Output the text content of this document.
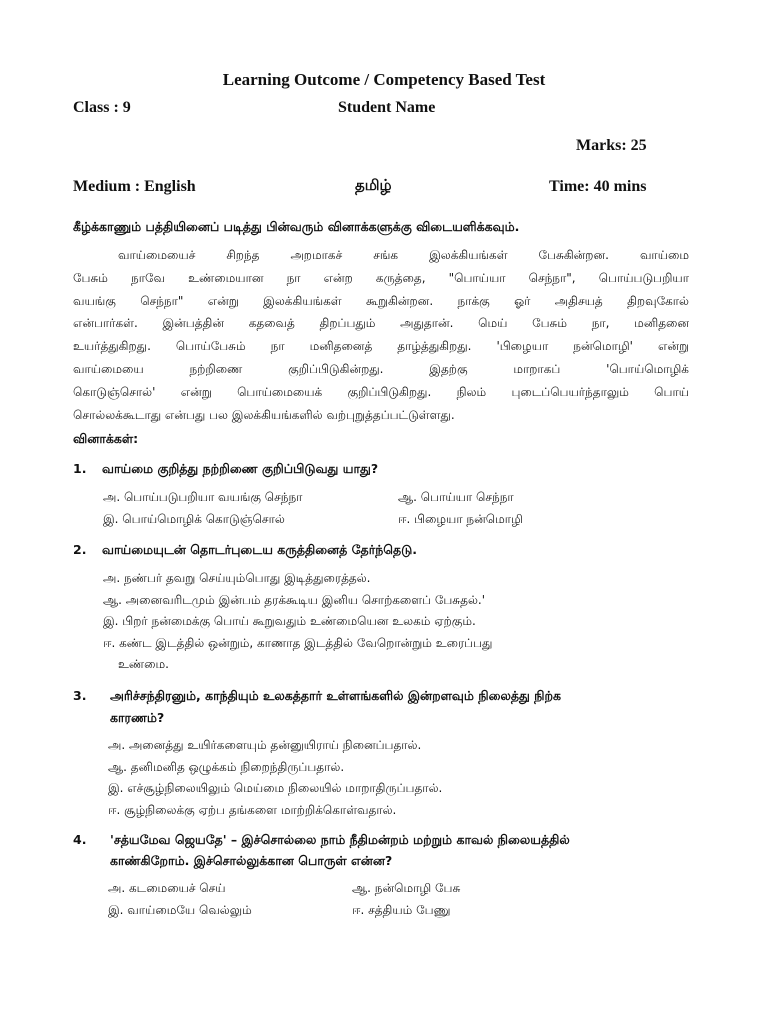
Learning Outcome / Competency Based Test
Class : 9	Student Name
Marks: 25
Medium : English	தமிழ்	Time: 40 mins
கீழ்க்காணும் பத்தியினைப் படித்து பின்வரும் வினாக்களுக்கு விடையளிக்கவும்.
வாய்மையைச் சிறந்த அறமாகச் சங்க இலக்கியங்கள் பேசுகின்றன. வாய்மை
பேசும் நாவே உண்மையான நா என்ற கருத்தை, "பொய்யா செந்நா", பொய்படுபறியா
வயங்கு செந்நா" என்று இலக்கியங்கள் கூறுகின்றன. நாக்கு ஓர் அதிசயத் திறவுகோல்
என்பார்கள். இன்பத்தின் கதவைத் திறப்பதும் அதுதான். மெய் பேசும் நா, மனிதனை
உயர்த்துகிறது. பொய்பேசும் நா மனிதனைத் தாழ்த்துகிறது. 'பிழையா நன்மொழி' என்று
வாய்மையை நற்றிணை குறிப்பிடுகின்றது. இதற்கு மாறாகப் 'பொய்மொழிக்
கொடுஞ்சொல்' என்று பொய்மையைக் குறிப்பிடுகிறது. நிலம் புடைப்பெயர்ந்தாலும் பொய்
சொல்லக்கூடாது என்பது பல இலக்கியங்களில் வற்புறுத்தப்பட்டுள்ளது.
வினாக்கள்:
1. வாய்மை குறித்து நற்றிணை குறிப்பிடுவது யாது?
அ. பொய்படுபறியா வயங்கு செந்நா	ஆ. பொய்யா செந்நா
இ. பொய்மொழிக் கொடுஞ்சொல்	ஈ. பிழையா நன்மொழி
2. வாய்மையுடன் தொடர்புடைய கருத்தினைத் தேர்ந்தெடு.
அ. நண்பர் தவறு செய்யும்பொது இடித்துரைத்தல்.
ஆ. அனைவரிடமும் இன்பம் தரக்கூடிய இனிய சொற்களைப் பேசுதல்.'
இ. பிறர் நன்மைக்கு பொய் கூறுவதும் உண்மையென உலகம் ஏற்கும்.
ஈ. கண்ட இடத்தில் ஒன்றும், காணாத இடத்தில் வேறொன்றும் உரைப்பது
உண்மை.
3. அரிச்சந்திரனும், காந்தியும் உலகத்தார் உள்ளங்களில் இன்றளவும் நிலைத்து நிற்க
காரணம்?
அ. அனைத்து உயிர்களையும் தன்னுயிராய் நினைப்பதால்.
ஆ. தனிமனித ஒழுக்கம் நிறைந்திருப்பதால்.
இ. எச்சூழ்நிலையிலும் மெய்மை நிலையில் மாறாதிருப்பதால்.
ஈ. சூழ்நிலைக்கு ஏற்ப தங்களை மாற்றிக்கொள்வதால்.
4. 'சத்யமேவ ஜெயதே' – இச்சொல்லை நாம் நீதிமன்றம் மற்றும் காவல் நிலையத்தில்
காண்கிறோம். இச்சொல்லுக்கான பொருள் என்ன?
அ. கடமையைச் செய்	ஆ. நன்மொழி பேசு
இ. வாய்மையே வெல்லும்	ஈ. சத்தியம் பேணு
